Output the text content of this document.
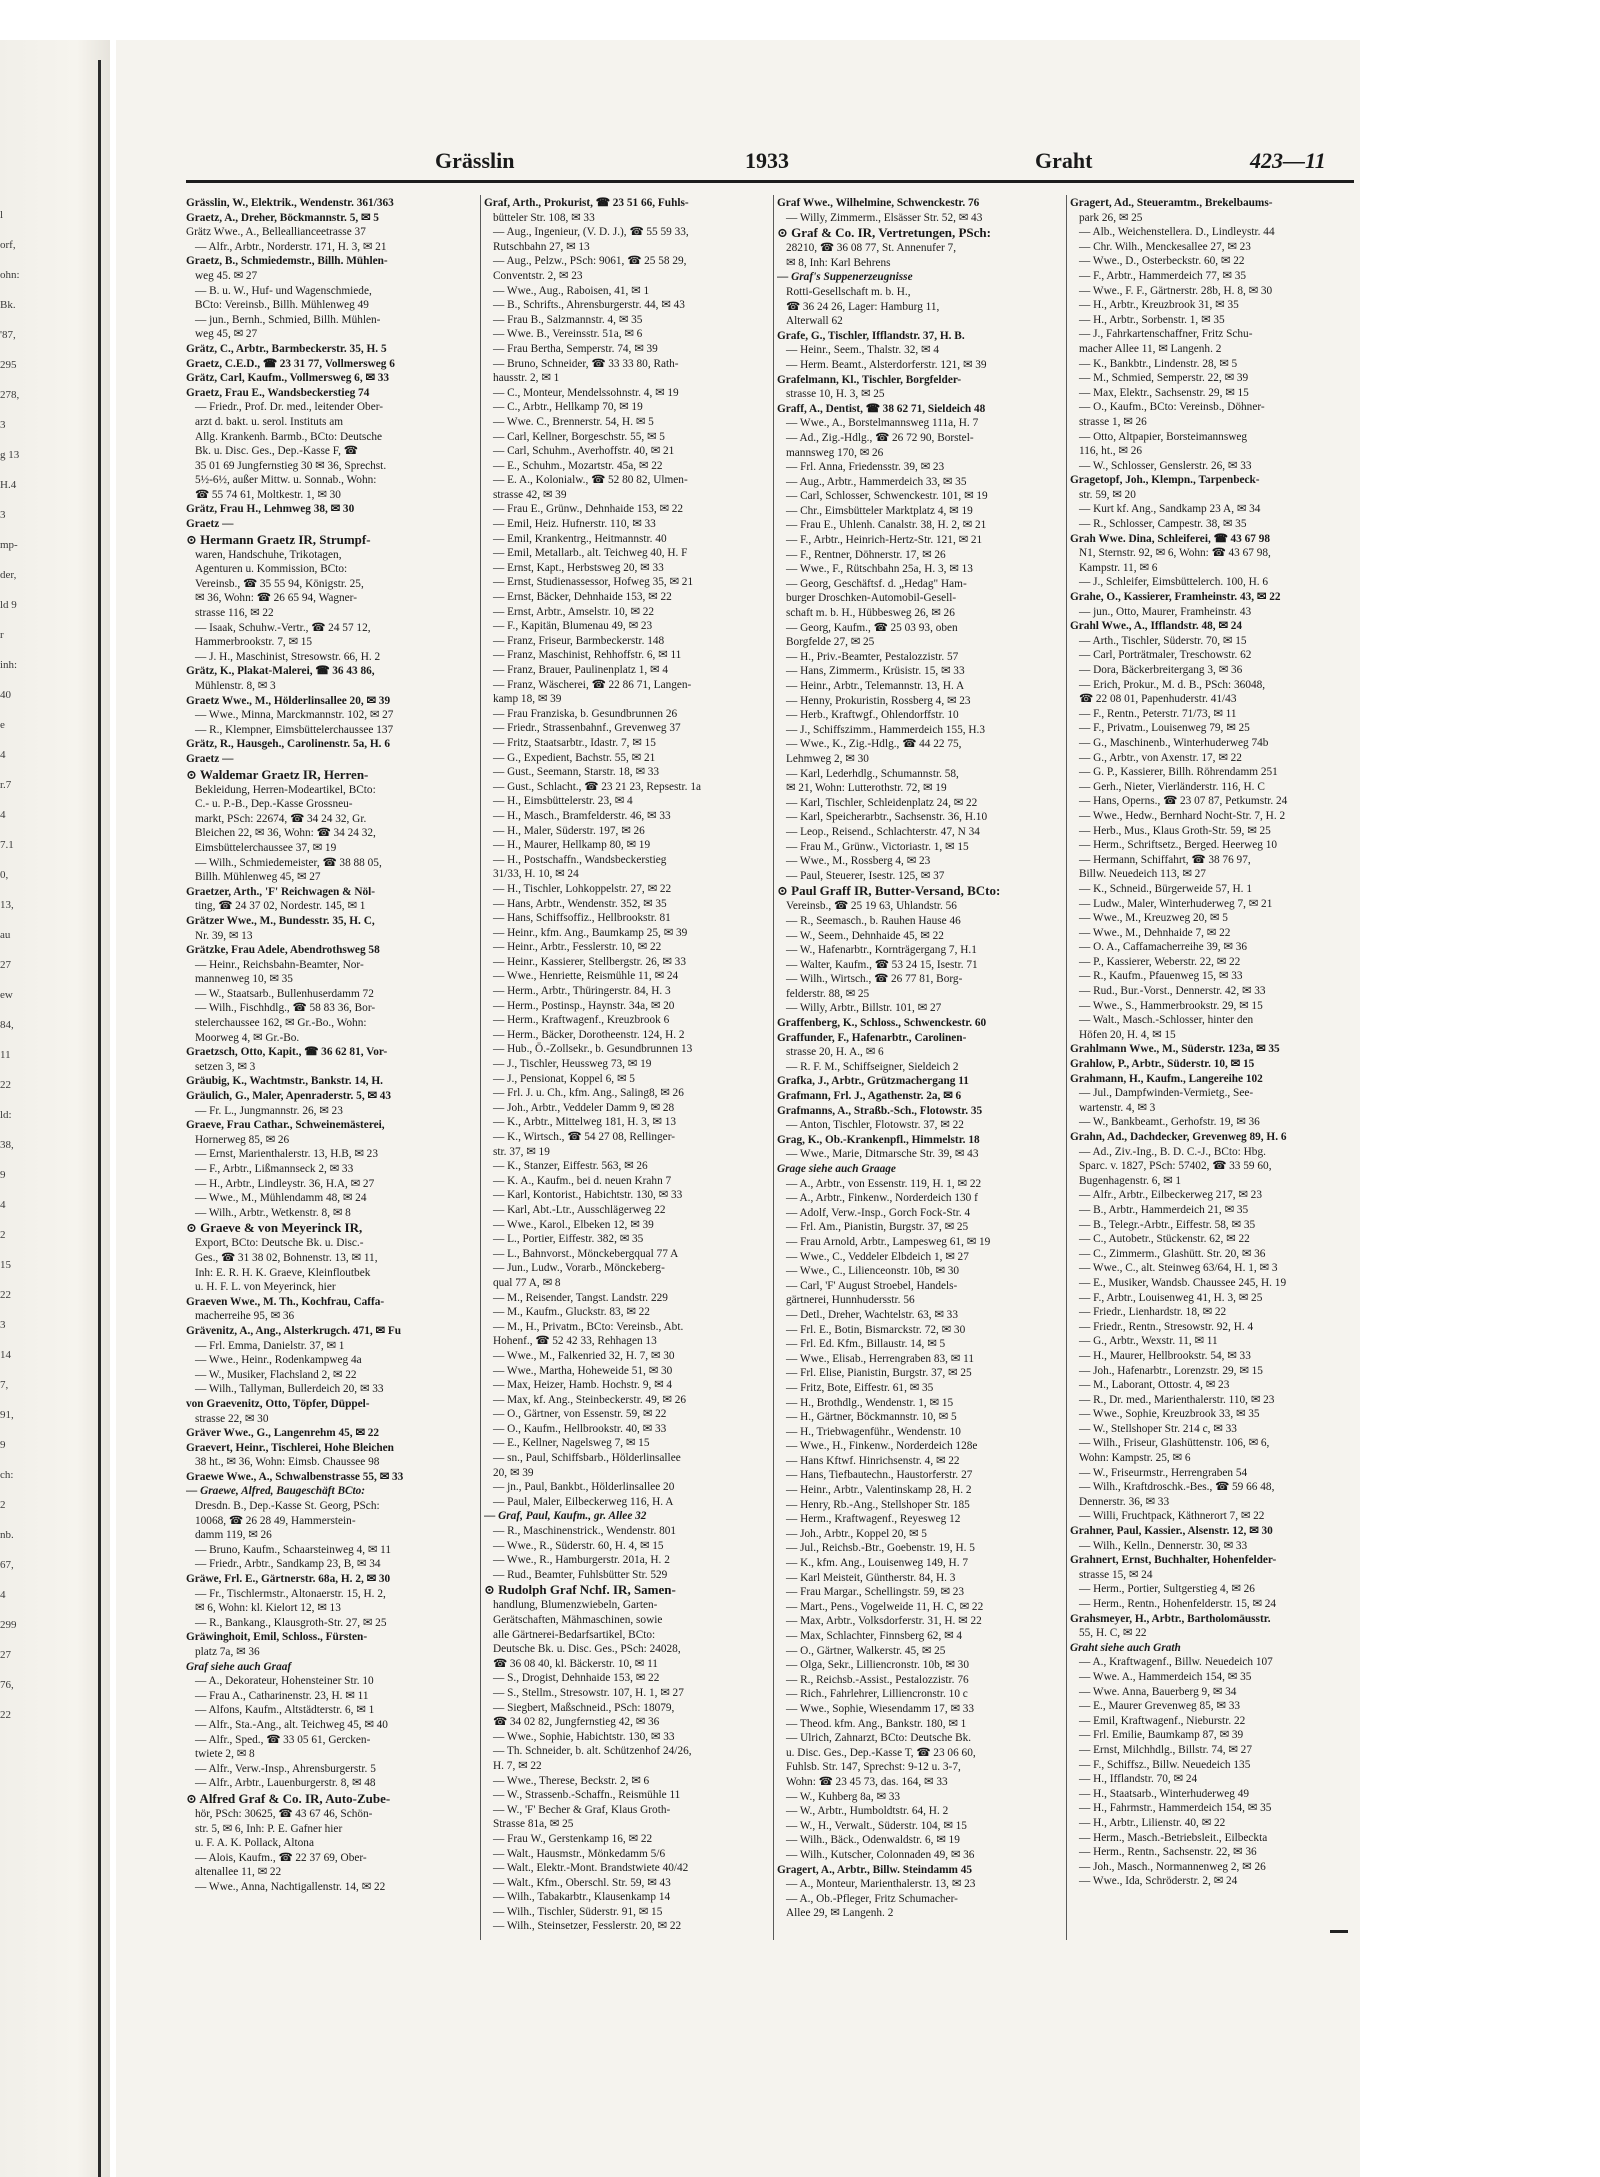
l
orf,
ohn:
Bk.
'87,
295
278,
3
g 13
H.4
3
mp-
der,
ld 9
r
inh:
40
e
4
r.7
4
7.1
0,
13,
au
27
ew
84,
11
22
ld:
38,
9
4
2
15
22
3
14
7,
91,
9
ch:
2
nb.
67,
4
299
27
76,
22
Grässlin	1933	Graht	423—11
Grässlin, W., Elektrik., Wendenstr. 361/363
Graetz, A., Dreher, Böckmannstr. 5, ✉ 5
Grätz Wwe., A., Belleallianceetrasse 37
— Alfr., Arbtr., Norderstr. 171, H. 3, ✉ 21
Graetz, B., Schmiedemstr., Billh. Mühlen-
weg 45. ✉ 27
— B. u. W., Huf- und Wagenschmiede,
BCto: Vereinsb., Billh. Mühlenweg 49
— jun., Bernh., Schmied, Billh. Mühlen-
weg 45, ✉ 27
Grätz, C., Arbtr., Barmbeckerstr. 35, H. 5
Graetz, C.E.D., ☎ 23 31 77, Vollmersweg 6
Grätz, Carl, Kaufm., Vollmersweg 6, ✉ 33
Graetz, Frau E., Wandsbeckerstieg 74
— Friedr., Prof. Dr. med., leitender Ober-
arzt d. bakt. u. serol. Instituts am
Allg. Krankenh. Barmb., BCto: Deutsche
Bk. u. Disc. Ges., Dep.-Kasse F, ☎
35 01 69 Jungfernstieg 30 ✉ 36, Sprechst.
5½-6½, außer Mittw. u. Sonnab., Wohn:
☎ 55 74 61, Moltkestr. 1, ✉ 30
Grätz, Frau H., Lehmweg 38, ✉ 30
Graetz —
⊙ Hermann Graetz IR, Strumpf-
waren, Handschuhe, Trikotagen,
Agenturen u. Kommission, BCto:
Vereinsb., ☎ 35 55 94, Königstr. 25,
✉ 36, Wohn: ☎ 26 65 94, Wagner-
strasse 116, ✉ 22
— Isaak, Schuhw.-Vertr., ☎ 24 57 12,
Hammerbrookstr. 7, ✉ 15
— J. H., Maschinist, Stresowstr. 66, H. 2
Grätz, K., Plakat-Malerei, ☎ 36 43 86,
Mühlenstr. 8, ✉ 3
Graetz Wwe., M., Hölderlinsallee 20, ✉ 39
— Wwe., Minna, Marckmannstr. 102, ✉ 27
— R., Klempner, Eimsbüttelerchaussee 137
Grätz, R., Hausgeh., Carolinenstr. 5a, H. 6
Graetz —
⊙ Waldemar Graetz IR, Herren-
Bekleidung, Herren-Modeartikel, BCto:
C.- u. P.-B., Dep.-Kasse Grossneu-
markt, PSch: 22674, ☎ 34 24 32, Gr.
Bleichen 22, ✉ 36, Wohn: ☎ 34 24 32,
Eimsbüttelerchaussee 37, ✉ 19
— Wilh., Schmiedemeister, ☎ 38 88 05,
Billh. Mühlenweg 45, ✉ 27
Graetzer, Arth., 'F' Reichwagen & Nöl-
ting, ☎ 24 37 02, Nordestr. 145, ✉ 1
Grätzer Wwe., M., Bundesstr. 35, H. C,
Nr. 39, ✉ 13
Grätzke, Frau Adele, Abendrothsweg 58
— Heinr., Reichsbahn-Beamter, Nor-
mannenweg 10, ✉ 35
— W., Staatsarb., Bullenhuserdamm 72
— Wilh., Fischhdlg., ☎ 58 83 36, Bor-
stelerchaussee 162, ✉ Gr.-Bo., Wohn:
Moorweg 4, ✉ Gr.-Bo.
Graetzsch, Otto, Kapit., ☎ 36 62 81, Vor-
setzen 3, ✉ 3
Gräubig, K., Wachtmstr., Bankstr. 14, H.
Gräulich, G., Maler, Apenraderstr. 5, ✉ 43
— Fr. L., Jungmannstr. 26, ✉ 23
Graeve, Frau Cathar., Schweinemästerei,
Hornerweg 85, ✉ 26
— Ernst, Marienthalerstr. 13, H.B, ✉ 23
— F., Arbtr., Lißmannseck 2, ✉ 33
— H., Arbtr., Lindleystr. 36, H.A, ✉ 27
— Wwe., M., Mühlendamm 48, ✉ 24
— Wilh., Arbtr., Wetkenstr. 8, ✉ 8
⊙ Graeve & von Meyerinck IR,
Export, BCto: Deutsche Bk. u. Disc.-
Ges., ☎ 31 38 02, Bohnenstr. 13, ✉ 11,
Inh: E. R. H. K. Graeve, Kleinfloutbek
u. H. F. L. von Meyerinck, hier
Graeven Wwe., M. Th., Kochfrau, Caffa-
macherreihe 95, ✉ 36
Grävenitz, A., Ang., Alsterkrugch. 471, ✉ Fu
— Frl. Emma, Danielstr. 37, ✉ 1
— Wwe., Heinr., Rodenkampweg 4a
— W., Musiker, Flachsland 2, ✉ 22
— Wilh., Tallyman, Bullerdeich 20, ✉ 33
von Graevenitz, Otto, Töpfer, Düppel-
strasse 22, ✉ 30
Gräver Wwe., G., Langenrehm 45, ✉ 22
Graevert, Heinr., Tischlerei, Hohe Bleichen
38 ht., ✉ 36, Wohn: Eimsb. Chaussee 98
Graewe Wwe., A., Schwalbenstrasse 55, ✉ 33
— Graewe, Alfred, Baugeschäft BCto:
Dresdn. B., Dep.-Kasse St. Georg, PSch:
10068, ☎ 26 28 49, Hammerstein-
damm 119, ✉ 26
— Bruno, Kaufm., Schaarsteinweg 4, ✉ 11
— Friedr., Arbtr., Sandkamp 23, B, ✉ 34
Gräwe, Frl. E., Gärtnerstr. 68a, H. 2, ✉ 30
— Fr., Tischlermstr., Altonaerstr. 15, H. 2,
✉ 6, Wohn: kl. Kielort 12, ✉ 13
— R., Bankang., Klausgroth-Str. 27, ✉ 25
Gräwinghoit, Emil, Schloss., Fürsten-
platz 7a, ✉ 36
Graf siehe auch Graaf
— A., Dekorateur, Hohensteiner Str. 10
— Frau A., Catharinenstr. 23, H. ✉ 11
— Alfons, Kaufm., Altstädterstr. 6, ✉ 1
— Alfr., Sta.-Ang., alt. Teichweg 45, ✉ 40
— Alfr., Sped., ☎ 33 05 61, Gercken-
twiete 2, ✉ 8
— Alfr., Verw.-Insp., Ahrensburgerstr. 5
— Alfr., Arbtr., Lauenburgerstr. 8, ✉ 48
⊙ Alfred Graf & Co. IR, Auto-Zube-
hör, PSch: 30625, ☎ 43 67 46, Schön-
str. 5, ✉ 6, Inh: P. E. Gafner hier
u. F. A. K. Pollack, Altona
— Alois, Kaufm., ☎ 22 37 69, Ober-
altenallee 11, ✉ 22
— Wwe., Anna, Nachtigallenstr. 14, ✉ 22
Graf, Arth., Prokurist, ☎ 23 51 66, Fuhls-
bütteler Str. 108, ✉ 33
— Aug., Ingenieur, (V. D. J.), ☎ 55 59 33,
Rutschbahn 27, ✉ 13
— Aug., Pelzw., PSch: 9061, ☎ 25 58 29,
Conventstr. 2, ✉ 23
— Wwe., Aug., Raboisen, 41, ✉ 1
— B., Schrifts., Ahrensburgerstr. 44, ✉ 43
— Frau B., Salzmannstr. 4, ✉ 35
— Wwe. B., Vereinsstr. 51a, ✉ 6
— Frau Bertha, Semperstr. 74, ✉ 39
— Bruno, Schneider, ☎ 33 33 80, Rath-
hausstr. 2, ✉ 1
— C., Monteur, Mendelssohnstr. 4, ✉ 19
— C., Arbtr., Hellkamp 70, ✉ 19
— Wwe. C., Brennerstr. 54, H. ✉ 5
— Carl, Kellner, Borgeschstr. 55, ✉ 5
— Carl, Schuhm., Averhoffstr. 40, ✉ 21
— E., Schuhm., Mozartstr. 45a, ✉ 22
— E. A., Kolonialw., ☎ 52 80 82, Ulmen-
strasse 42, ✉ 39
— Frau E., Grünw., Dehnhaide 153, ✉ 22
— Emil, Heiz. Hufnerstr. 110, ✉ 33
— Emil, Krankentrg., Heitmannstr. 40
— Emil, Metallarb., alt. Teichweg 40, H. F
— Ernst, Kapt., Herbstsweg 20, ✉ 33
— Ernst, Studienassessor, Hofweg 35, ✉ 21
— Ernst, Bäcker, Dehnhaide 153, ✉ 22
— Ernst, Arbtr., Amselstr. 10, ✉ 22
— F., Kapitän, Blumenau 49, ✉ 23
— Franz, Friseur, Barmbeckerstr. 148
— Franz, Maschinist, Rehhoffstr. 6, ✉ 11
— Franz, Brauer, Paulinenplatz 1, ✉ 4
— Franz, Wäscherei, ☎ 22 86 71, Langen-
kamp 18, ✉ 39
— Frau Franziska, b. Gesundbrunnen 26
— Friedr., Strassenbahnf., Grevenweg 37
— Fritz, Staatsarbtr., Idastr. 7, ✉ 15
— G., Expedient, Bachstr. 55, ✉ 21
— Gust., Seemann, Starstr. 18, ✉ 33
— Gust., Schlacht., ☎ 23 21 23, Repsestr. 1a
— H., Eimsbüttelerstr. 23, ✉ 4
— H., Masch., Bramfelderstr. 46, ✉ 33
— H., Maler, Süderstr. 197, ✉ 26
— H., Maurer, Hellkamp 80, ✉ 19
— H., Postschaffn., Wandsbeckerstieg
31/33, H. 10, ✉ 24
— H., Tischler, Lohkoppelstr. 27, ✉ 22
— Hans, Arbtr., Wendenstr. 352, ✉ 35
— Hans, Schiffsoffiz., Hellbrookstr. 81
— Heinr., kfm. Ang., Baumkamp 25, ✉ 39
— Heinr., Arbtr., Fesslerstr. 10, ✉ 22
— Heinr., Kassierer, Stellbergstr. 26, ✉ 33
— Wwe., Henriette, Reismühle 11, ✉ 24
— Herm., Arbtr., Thüringerstr. 84, H. 3
— Herm., Postinsp., Haynstr. 34a, ✉ 20
— Herm., Kraftwagenf., Kreuzbrook 6
— Herm., Bäcker, Dorotheenstr. 124, H. 2
— Hub., Ö.-Zollsekr., b. Gesundbrunnen 13
— J., Tischler, Heussweg 73, ✉ 19
— J., Pensionat, Koppel 6, ✉ 5
— Frl. J. u. Ch., kfm. Ang., Saling8, ✉ 26
— Joh., Arbtr., Veddeler Damm 9, ✉ 28
— K., Arbtr., Mittelweg 181, H. 3, ✉ 13
— K., Wirtsch., ☎ 54 27 08, Rellinger-
str. 37, ✉ 19
— K., Stanzer, Eiffestr. 563, ✉ 26
— K. A., Kaufm., bei d. neuen Krahn 7
— Karl, Kontorist., Habichtstr. 130, ✉ 33
— Karl, Abt.-Ltr., Ausschlägerweg 22
— Wwe., Karol., Elbeken 12, ✉ 39
— L., Portier, Eiffestr. 382, ✉ 35
— L., Bahnvorst., Mönckebergqual 77 A
— Jun., Ludw., Vorarb., Mönckeberg-
qual 77 A, ✉ 8
— M., Reisender, Tangst. Landstr. 229
— M., Kaufm., Gluckstr. 83, ✉ 22
— M., H., Privatm., BCto: Vereinsb., Abt.
Hohenf., ☎ 52 42 33, Rehhagen 13
— Wwe., M., Falkenried 32, H. 7, ✉ 30
— Wwe., Martha, Hoheweide 51, ✉ 30
— Max, Heizer, Hamb. Hochstr. 9, ✉ 4
— Max, kf. Ang., Steinbeckerstr. 49, ✉ 26
— O., Gärtner, von Essenstr. 59, ✉ 22
— O., Kaufm., Hellbrookstr. 40, ✉ 33
— E., Kellner, Nagelsweg 7, ✉ 15
— sn., Paul, Schiffsbarb., Hölderlinsallee
20, ✉ 39
— jn., Paul, Bankbt., Hölderlinsallee 20
— Paul, Maler, Eilbeckerweg 116, H. A
— Graf, Paul, Kaufm., gr. Allee 32
— R., Maschinenstrick., Wendenstr. 801
— Wwe., R., Süderstr. 60, H. 4, ✉ 15
— Wwe., R., Hamburgerstr. 201a, H. 2
— Rud., Beamter, Fuhlsbütter Str. 529
⊙ Rudolph Graf Nchf. IR, Samen-
handlung, Blumenzwiebeln, Garten-
Gerätschaften, Mähmaschinen, sowie
alle Gärtnerei-Bedarfsartikel, BCto:
Deutsche Bk. u. Disc. Ges., PSch: 24028,
☎ 36 08 40, kl. Bäckerstr. 10, ✉ 11
— S., Drogist, Dehnhaide 153, ✉ 22
— S., Stellm., Stresowstr. 107, H. 1, ✉ 27
— Siegbert, Maßschneid., PSch: 18079,
☎ 34 02 82, Jungfernstieg 42, ✉ 36
— Wwe., Sophie, Habichtstr. 130, ✉ 33
— Th. Schneider, b. alt. Schützenhof 24/26,
H. 7, ✉ 22
— Wwe., Therese, Beckstr. 2, ✉ 6
— W., Strassenb.-Schaffn., Reismühle 11
— W., 'F' Becher & Graf, Klaus Groth-
Strasse 81a, ✉ 25
— Frau W., Gerstenkamp 16, ✉ 22
— Walt., Hausmstr., Mönkedamm 5/6
— Walt., Elektr.-Mont. Brandstwiete 40/42
— Walt., Kfm., Oberschl. Str. 59, ✉ 43
— Wilh., Tabakarbtr., Klausenkamp 14
— Wilh., Tischler, Süderstr. 91, ✉ 15
— Wilh., Steinsetzer, Fesslerstr. 20, ✉ 22
Graf Wwe., Wilhelmine, Schwenckestr. 76
— Willy, Zimmerm., Elsässer Str. 52, ✉ 43
⊙ Graf & Co. IR, Vertretungen, PSch:
28210, ☎ 36 08 77, St. Annenufer 7,
✉ 8, Inh: Karl Behrens
— Graf's Suppenerzeugnisse
Rotti-Gesellschaft m. b. H.,
☎ 36 24 26, Lager: Hamburg 11,
Alterwall 62
Grafe, G., Tischler, Ifflandstr. 37, H. B.
— Heinr., Seem., Thalstr. 32, ✉ 4
— Herm. Beamt., Alsterdorferstr. 121, ✉ 39
Grafelmann, Kl., Tischler, Borgfelder-
strasse 10, H. 3, ✉ 25
Graff, A., Dentist, ☎ 38 62 71, Sieldeich 48
— Wwe., A., Borstelmannsweg 111a, H. 7
— Ad., Zig.-Hdlg., ☎ 26 72 90, Borstel-
mannsweg 170, ✉ 26
— Frl. Anna, Friedensstr. 39, ✉ 23
— Aug., Arbtr., Hammerdeich 33, ✉ 35
— Carl, Schlosser, Schwenckestr. 101, ✉ 19
— Chr., Eimsbütteler Marktplatz 4, ✉ 19
— Frau E., Uhlenh. Canalstr. 38, H. 2, ✉ 21
— F., Arbtr., Heinrich-Hertz-Str. 121, ✉ 21
— F., Rentner, Döhnerstr. 17, ✉ 26
— Wwe., F., Rütschbahn 25a, H. 3, ✉ 13
— Georg, Geschäftsf. d. „Hedag" Ham-
burger Droschken-Automobil-Gesell-
schaft m. b. H., Hübbesweg 26, ✉ 26
— Georg, Kaufm., ☎ 25 03 93, oben
Borgfelde 27, ✉ 25
— H., Priv.-Beamter, Pestalozzistr. 57
— Hans, Zimmerm., Krüsistr. 15, ✉ 33
— Heinr., Arbtr., Telemannstr. 13, H. A
— Henny, Prokuristin, Rossberg 4, ✉ 23
— Herb., Kraftwgf., Ohlendorffstr. 10
— J., Schiffszimm., Hammerdeich 155, H.3
— Wwe., K., Zig.-Hdlg., ☎ 44 22 75,
Lehmweg 2, ✉ 30
— Karl, Lederhdlg., Schumannstr. 58,
✉ 21, Wohn: Lutterothstr. 72, ✉ 19
— Karl, Tischler, Schleidenplatz 24, ✉ 22
— Karl, Speicherarbtr., Sachsenstr. 36, H.10
— Leop., Reisend., Schlachterstr. 47, N 34
— Frau M., Grünw., Victoriastr. 1, ✉ 15
— Wwe., M., Rossberg 4, ✉ 23
— Paul, Steuerer, Isestr. 125, ✉ 37
⊙ Paul Graff IR, Butter-Versand, BCto:
Vereinsb., ☎ 25 19 63, Uhlandstr. 56
— R., Seemasch., b. Rauhen Hause 46
— W., Seem., Dehnhaide 45, ✉ 22
— W., Hafenarbtr., Kornträgergang 7, H.1
— Walter, Kaufm., ☎ 53 24 15, Isestr. 71
— Wilh., Wirtsch., ☎ 26 77 81, Borg-
felderstr. 88, ✉ 25
— Willy, Arbtr., Billstr. 101, ✉ 27
Graffenberg, K., Schloss., Schwenckestr. 60
Graffunder, F., Hafenarbtr., Carolinen-
strasse 20, H. A., ✉ 6
— R. F. M., Schiffseigner, Sieldeich 2
Grafka, J., Arbtr., Grützmachergang 11
Grafmann, Frl. J., Agathenstr. 2a, ✉ 6
Grafmanns, A., Straßb.-Sch., Flotowstr. 35
— Anton, Tischler, Flotowstr. 37, ✉ 22
Grag, K., Ob.-Krankenpfl., Himmelstr. 18
— Wwe., Marie, Ditmarsche Str. 39, ✉ 43
Grage siehe auch Graage
— A., Arbtr., von Essenstr. 119, H. 1, ✉ 22
— A., Arbtr., Finkenw., Norderdeich 130 f
— Adolf, Verw.-Insp., Gorch Fock-Str. 4
— Frl. Am., Pianistin, Burgstr. 37, ✉ 25
— Frau Arnold, Arbtr., Lampesweg 61, ✉ 19
— Wwe., C., Veddeler Elbdeich 1, ✉ 27
— Wwe., C., Lilienceonstr. 10b, ✉ 30
— Carl, 'F' August Stroebel, Handels-
gärtnerei, Hunnhudersstr. 56
— Detl., Dreher, Wachtelstr. 63, ✉ 33
— Frl. E., Botin, Bismarckstr. 72, ✉ 30
— Frl. Ed. Kfm., Billaustr. 14, ✉ 5
— Wwe., Elisab., Herrengraben 83, ✉ 11
— Frl. Elise, Pianistin, Burgstr. 37, ✉ 25
— Fritz, Bote, Eiffestr. 61, ✉ 35
— H., Brothdlg., Wendenstr. 1, ✉ 15
— H., Gärtner, Böckmannstr. 10, ✉ 5
— H., Triebwagenführ., Wendenstr. 10
— Wwe., H., Finkenw., Norderdeich 128e
— Hans Kftwf. Hinrichsenstr. 4, ✉ 22
— Hans, Tiefbautechn., Haustorferstr. 27
— Heinr., Arbtr., Valentinskamp 28, H. 2
— Henry, Rb.-Ang., Stellshoper Str. 185
— Herm., Kraftwagenf., Reyesweg 12
— Joh., Arbtr., Koppel 20, ✉ 5
— Jul., Reichsb.-Btr., Goebenstr. 19, H. 5
— K., kfm. Ang., Louisenweg 149, H. 7
— Karl Meisteit, Güntherstr. 84, H. 3
— Frau Margar., Schellingstr. 59, ✉ 23
— Mart., Pens., Vogelweide 11, H. C, ✉ 22
— Max, Arbtr., Volksdorferstr. 31, H. ✉ 22
— Max, Schlachter, Finnsberg 62, ✉ 4
— O., Gärtner, Walkerstr. 45, ✉ 25
— Olga, Sekr., Lilliencronstr. 10b, ✉ 30
— R., Reichsb.-Assist., Pestalozzistr. 76
— Rich., Fahrlehrer, Lilliencronstr. 10 c
— Wwe., Sophie, Wiesendamm 17, ✉ 33
— Theod. kfm. Ang., Bankstr. 180, ✉ 1
— Ulrich, Zahnarzt, BCto: Deutsche Bk.
u. Disc. Ges., Dep.-Kasse T, ☎ 23 06 60,
Fuhlsb. Str. 147, Sprechst: 9-12 u. 3-7,
Wohn: ☎ 23 45 73, das. 164, ✉ 33
— W., Kuhberg 8a, ✉ 33
— W., Arbtr., Humboldtstr. 64, H. 2
— W., H., Verwalt., Süderstr. 104, ✉ 15
— Wilh., Bäck., Odenwaldstr. 6, ✉ 19
— Wilh., Kutscher, Colonnaden 49, ✉ 36
Gragert, A., Arbtr., Billw. Steindamm 45
— A., Monteur, Marienthalerstr. 13, ✉ 23
— A., Ob.-Pfleger, Fritz Schumacher-
Allee 29, ✉ Langenh. 2
Gragert, Ad., Steueramtm., Brekelbaums-
park 26, ✉ 25
— Alb., Weichenstellera. D., Lindleystr. 44
— Chr. Wilh., Menckesallee 27, ✉ 23
— Wwe., D., Osterbeckstr. 60, ✉ 22
— F., Arbtr., Hammerdeich 77, ✉ 35
— Wwe., F. F., Gärtnerstr. 28b, H. 8, ✉ 30
— H., Arbtr., Kreuzbrook 31, ✉ 35
— H., Arbtr., Sorbenstr. 1, ✉ 35
— J., Fahrkartenschaffner, Fritz Schu-
macher Allee 11, ✉ Langenh. 2
— K., Bankbtr., Lindenstr. 28, ✉ 5
— M., Schmied, Semperstr. 22, ✉ 39
— Max, Elektr., Sachsenstr. 29, ✉ 15
— O., Kaufm., BCto: Vereinsb., Döhner-
strasse 1, ✉ 26
— Otto, Altpapier, Borsteimannsweg
116, ht., ✉ 26
— W., Schlosser, Genslerstr. 26, ✉ 33
Gragetopf, Joh., Klempn., Tarpenbeck-
str. 59, ✉ 20
— Kurt kf. Ang., Sandkamp 23 A, ✉ 34
— R., Schlosser, Campestr. 38, ✉ 35
Grah Wwe. Dina, Schleiferei, ☎ 43 67 98
N1, Sternstr. 92, ✉ 6, Wohn: ☎ 43 67 98,
Kampstr. 11, ✉ 6
— J., Schleifer, Eimsbüttelerch. 100, H. 6
Grahe, O., Kassierer, Framheinstr. 43, ✉ 22
— jun., Otto, Maurer, Framheinstr. 43
Grahl Wwe., A., Ifflandstr. 48, ✉ 24
— Arth., Tischler, Süderstr. 70, ✉ 15
— Carl, Porträtmaler, Treschowstr. 62
— Dora, Bäckerbreitergang 3, ✉ 36
— Erich, Prokur., M. d. B., PSch: 36048,
☎ 22 08 01, Papenhuderstr. 41/43
— F., Rentn., Peterstr. 71/73, ✉ 11
— F., Privatm., Louisenweg 79, ✉ 25
— G., Maschinenb., Winterhuderweg 74b
— G., Arbtr., von Axenstr. 17, ✉ 22
— G. P., Kassierer, Billh. Röhrendamm 251
— Gerh., Nieter, Vierländerstr. 116, H. C
— Hans, Operns., ☎ 23 07 87, Petkumstr. 24
— Wwe., Hedw., Bernhard Nocht-Str. 7, H. 2
— Herb., Mus., Klaus Groth-Str. 59, ✉ 25
— Herm., Schriftsetz., Berged. Heerweg 10
— Hermann, Schiffahrt, ☎ 38 76 97,
Billw. Neuedeich 113, ✉ 27
— K., Schneid., Bürgerweide 57, H. 1
— Ludw., Maler, Winterhuderweg 7, ✉ 21
— Wwe., M., Kreuzweg 20, ✉ 5
— Wwe., M., Dehnhaide 7, ✉ 22
— O. A., Caffamacherreihe 39, ✉ 36
— P., Kassierer, Weberstr. 22, ✉ 22
— R., Kaufm., Pfauenweg 15, ✉ 33
— Rud., Bur.-Vorst., Dennerstr. 42, ✉ 33
— Wwe., S., Hammerbrookstr. 29, ✉ 15
— Walt., Masch.-Schlosser, hinter den
Höfen 20, H. 4, ✉ 15
Grahlmann Wwe., M., Süderstr. 123a, ✉ 35
Grahlow, P., Arbtr., Süderstr. 10, ✉ 15
Grahmann, H., Kaufm., Langereihe 102
— Jul., Dampfwinden-Vermietg., See-
wartenstr. 4, ✉ 3
— W., Bankbeamt., Gerhofstr. 19, ✉ 36
Grahn, Ad., Dachdecker, Grevenweg 89, H. 6
— Ad., Ziv.-Ing., B. D. C.-J., BCto: Hbg.
Sparc. v. 1827, PSch: 57402, ☎ 33 59 60,
Bugenhagenstr. 6, ✉ 1
— Alfr., Arbtr., Eilbeckerweg 217, ✉ 23
— B., Arbtr., Hammerdeich 21, ✉ 35
— B., Telegr.-Arbtr., Eiffestr. 58, ✉ 35
— C., Autobetr., Stückenstr. 62, ✉ 22
— C., Zimmerm., Glashütt. Str. 20, ✉ 36
— Wwe., C., alt. Steinweg 63/64, H. 1, ✉ 3
— E., Musiker, Wandsb. Chaussee 245, H. 19
— F., Arbtr., Louisenweg 41, H. 3, ✉ 25
— Friedr., Lienhardstr. 18, ✉ 22
— Friedr., Rentn., Stresowstr. 92, H. 4
— G., Arbtr., Wexstr. 11, ✉ 11
— H., Maurer, Hellbrookstr. 54, ✉ 33
— Joh., Hafenarbtr., Lorenzstr. 29, ✉ 15
— M., Laborant, Ottostr. 4, ✉ 23
— R., Dr. med., Marienthalerstr. 110, ✉ 23
— Wwe., Sophie, Kreuzbrook 33, ✉ 35
— W., Stellshoper Str. 214 c, ✉ 33
— Wilh., Friseur, Glashüttenstr. 106, ✉ 6,
Wohn: Kampstr. 25, ✉ 6
— W., Friseurmstr., Herrengraben 54
— Wilh., Kraftdroschk.-Bes., ☎ 59 66 48,
Dennerstr. 36, ✉ 33
— Willi, Fruchtpack, Käthnerort 7, ✉ 22
Grahner, Paul, Kassier., Alsenstr. 12, ✉ 30
— Wilh., Kelln., Dennerstr. 30, ✉ 33
Grahnert, Ernst, Buchhalter, Hohenfelder-
strasse 15, ✉ 24
— Herm., Portier, Sultgerstieg 4, ✉ 26
— Herm., Rentn., Hohenfelderstr. 15, ✉ 24
Grahsmeyer, H., Arbtr., Bartholomäusstr.
55, H. C, ✉ 22
Graht siehe auch Grath
— A., Kraftwagenf., Billw. Neuedeich 107
— Wwe. A., Hammerdeich 154, ✉ 35
— Wwe. Anna, Bauerberg 9, ✉ 34
— E., Maurer Grevenweg 85, ✉ 33
— Emil, Kraftwagenf., Nieburstr. 22
— Frl. Emilie, Baumkamp 87, ✉ 39
— Ernst, Milchhdlg., Billstr. 74, ✉ 27
— F., Schiffsz., Billw. Neuedeich 135
— H., Ifflandstr. 70, ✉ 24
— H., Staatsarb., Winterhuderweg 49
— H., Fahrmstr., Hammerdeich 154, ✉ 35
— H., Arbtr., Lilienstr. 40, ✉ 22
— Herm., Masch.-Betriebsleit., Eilbeckta
— Herm., Rentn., Sachsenstr. 22, ✉ 36
— Joh., Masch., Normannenweg 2, ✉ 26
— Wwe., Ida, Schröderstr. 2, ✉ 24
